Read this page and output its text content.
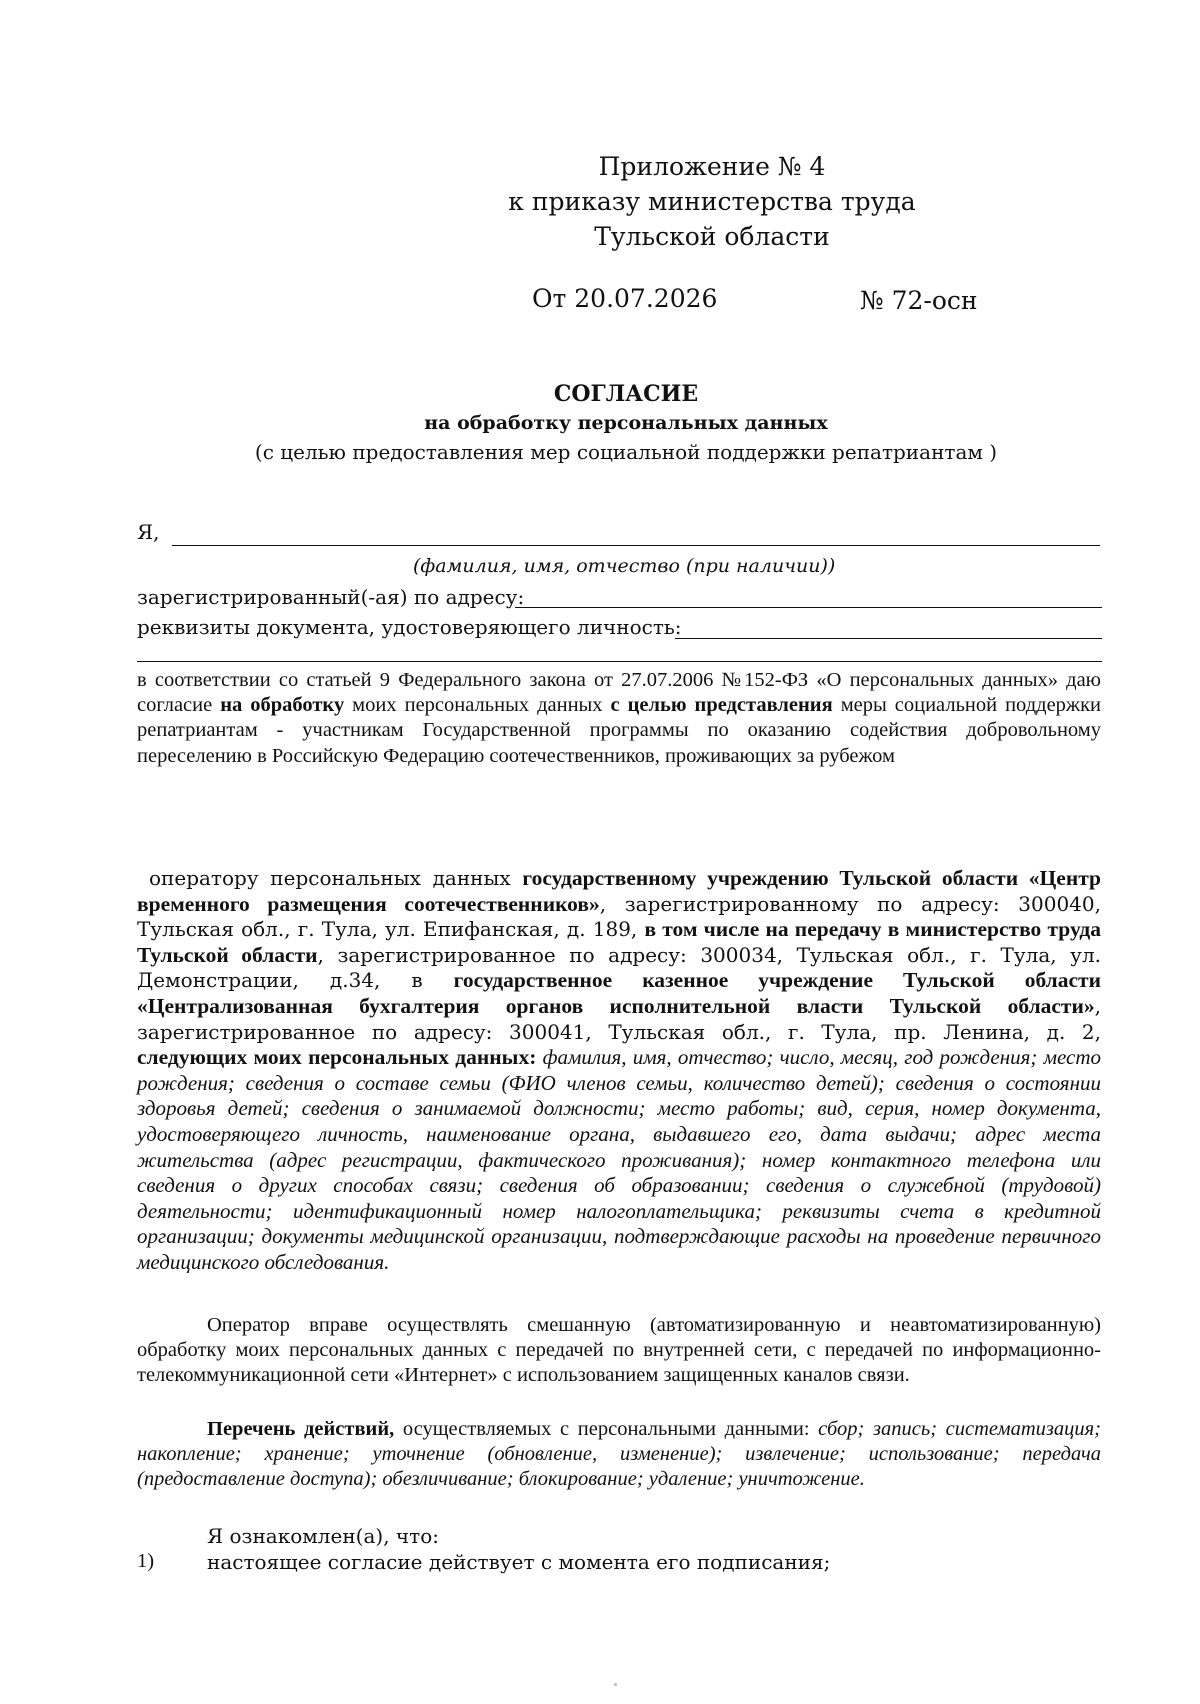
Приложение № 4
к приказу министерства труда
Тульской области
От 20.07.2026	№ 72-осн
СОГЛАСИЕ
на обработку персональных данных
(с целью предоставления мер социальной поддержки репатриантам )
Я,
(фамилия, имя, отчество (при наличии))
зарегистрированный(-ая) по адресу:
реквизиты документа, удостоверяющего личность:
в соответствии со статьей 9 Федерального закона от 27.07.2006 №152-ФЗ «О персональных данных» даю согласие на обработку моих персональных данных с целью представления меры социальной поддержки репатриантам - участникам Государственной программы по оказанию содействия добровольному переселению в Российскую Федерацию соотечественников, проживающих за рубежом
оператору персональных данных государственному учреждению Тульской области «Центр временного размещения соотечественников», зарегистрированному по адресу: 300040, Тульская обл., г. Тула, ул. Епифанская, д. 189, в том числе на передачу в министерство труда Тульской области, зарегистрированное по адресу: 300034, Тульская обл., г. Тула, ул. Демонстрации, д.34, в государственное казенное учреждение Тульской области «Централизованная бухгалтерия органов исполнительной власти Тульской области», зарегистрированное по адресу: 300041, Тульская обл., г. Тула, пр. Ленина, д. 2, следующих моих персональных данных: фамилия, имя, отчество; число, месяц, год рождения; место рождения; сведения о составе семьи (ФИО членов семьи, количество детей); сведения о состоянии здоровья детей; сведения о занимаемой должности; место работы; вид, серия, номер документа, удостоверяющего личность, наименование органа, выдавшего его, дата выдачи; адрес места жительства (адрес регистрации, фактического проживания); номер контактного телефона или сведения о других способах связи; сведения об образовании; сведения о служебной (трудовой) деятельности; идентификационный номер налогоплательщика; реквизиты счета в кредитной организации; документы медицинской организации, подтверждающие расходы на проведение первичного медицинского обследования.
Оператор вправе осуществлять смешанную (автоматизированную и неавтоматизированную) обработку моих персональных данных с передачей по внутренней сети, с передачей по информационно-телекоммуникационной сети «Интернет» с использованием защищенных каналов связи.
Перечень действий, осуществляемых с персональными данными: сбор; запись; систематизация; накопление; хранение; уточнение (обновление, изменение); извлечение; использование; передача (предоставление доступа); обезличивание; блокирование; удаление; уничтожение.
Я ознакомлен(а), что:
1)	настоящее согласие действует с момента его подписания;
